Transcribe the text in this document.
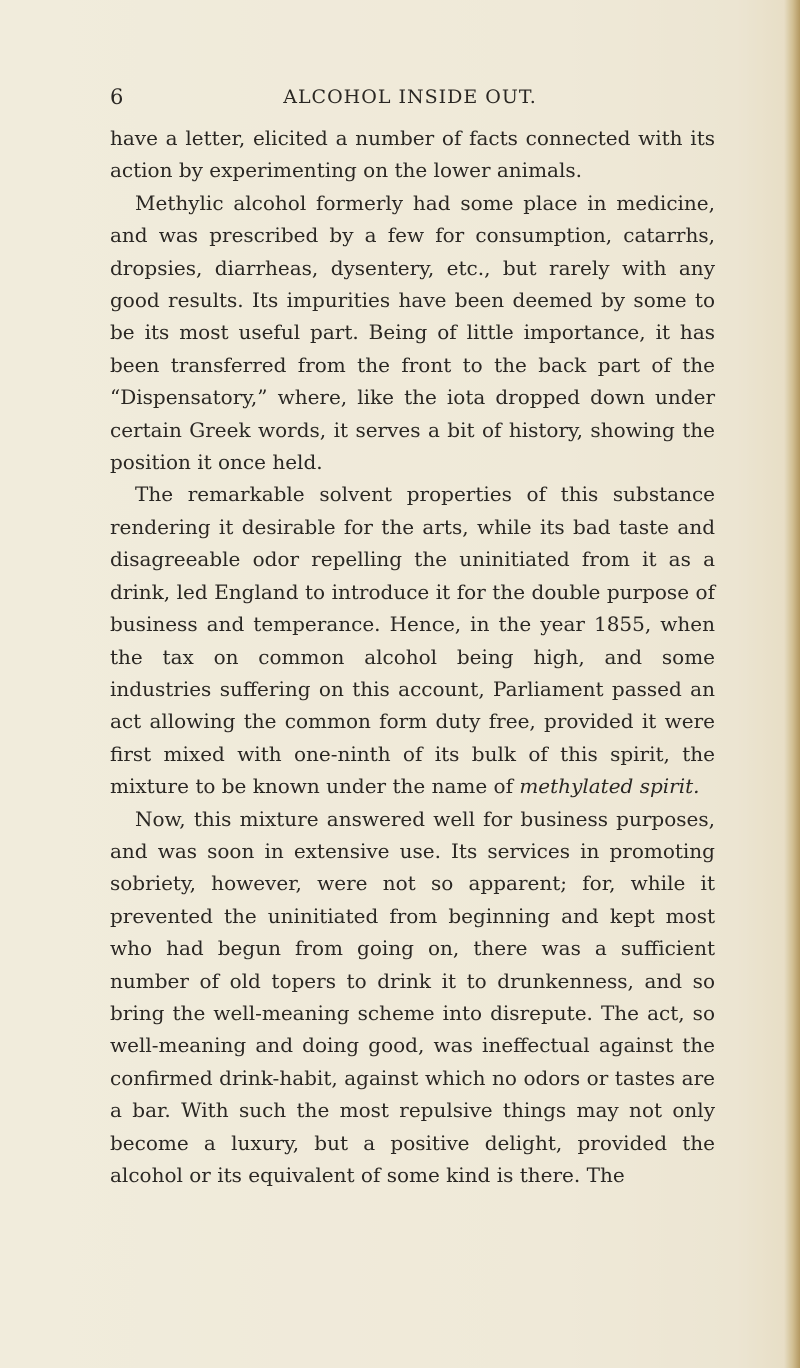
6	ALCOHOL INSIDE OUT.

have a letter, elicited a number of facts connected with its action by experimenting on the lower animals.

Methylic alcohol formerly had some place in medicine, and was prescribed by a few for consumption, catarrhs, dropsies, diarrheas, dysentery, etc., but rarely with any good results. Its impurities have been deemed by some to be its most useful part. Being of little importance, it has been transferred from the front to the back part of the “Dispensatory,” where, like the iota dropped down under certain Greek words, it serves a bit of history, showing the position it once held.

The remarkable solvent properties of this substance rendering it desirable for the arts, while its bad taste and disagreeable odor repelling the uninitiated from it as a drink, led England to introduce it for the double purpose of business and temperance. Hence, in the year 1855, when the tax on common alcohol being high, and some industries suffering on this account, Parliament passed an act allowing the common form duty free, provided it were first mixed with one-ninth of its bulk of this spirit, the mixture to be known under the name of methylated spirit.

Now, this mixture answered well for business purposes, and was soon in extensive use. Its services in promoting sobriety, however, were not so apparent; for, while it prevented the uninitiated from beginning and kept most who had begun from going on, there was a sufficient number of old topers to drink it to drunkenness, and so bring the well-meaning scheme into disrepute. The act, so well-meaning and doing good, was ineffectual against the confirmed drink-habit, against which no odors or tastes are a bar. With such the most repulsive things may not only become a luxury, but a positive delight, provided the alcohol or its equivalent of some kind is there. The
